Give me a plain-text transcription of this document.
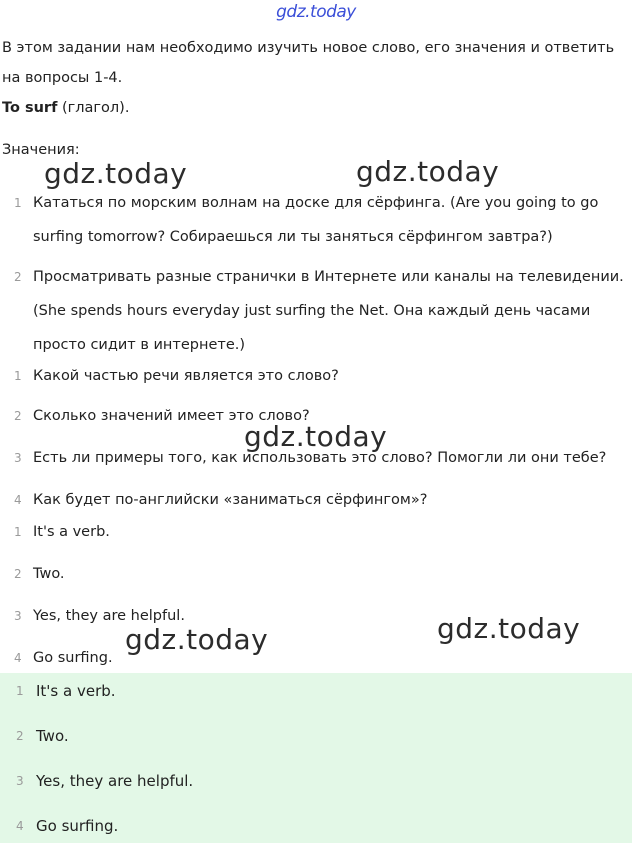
gdz.today

В этом задании нам необходимо изучить новое слово, его значения и ответить на вопросы 1-4.

To surf (глагол).

Значения:

1 Кататься по морским волнам на доске для сёрфинга. (Are you going to go surfing tomorrow? Собираешься ли ты заняться сёрфингом завтра?)
2 Просматривать разные странички в Интернете или каналы на телевидении. (She spends hours everyday just surfing the Net. Она каждый день часами просто сидит в интернете.)
1 Какой частью речи является это слово?
2 Сколько значений имеет это слово?
3 Есть ли примеры того, как использовать это слово? Помогли ли они тебе?
4 Как будет по-английски «заниматься сёрфингом»?
1 It's a verb.
2 Two.
3 Yes, they are helpful.
4 Go surfing.
1 It's a verb.
2 Two.
3 Yes, they are helpful.
4 Go surfing.
gdz.today	gdz.today
gdz.today
gdz.today	gdz.today
